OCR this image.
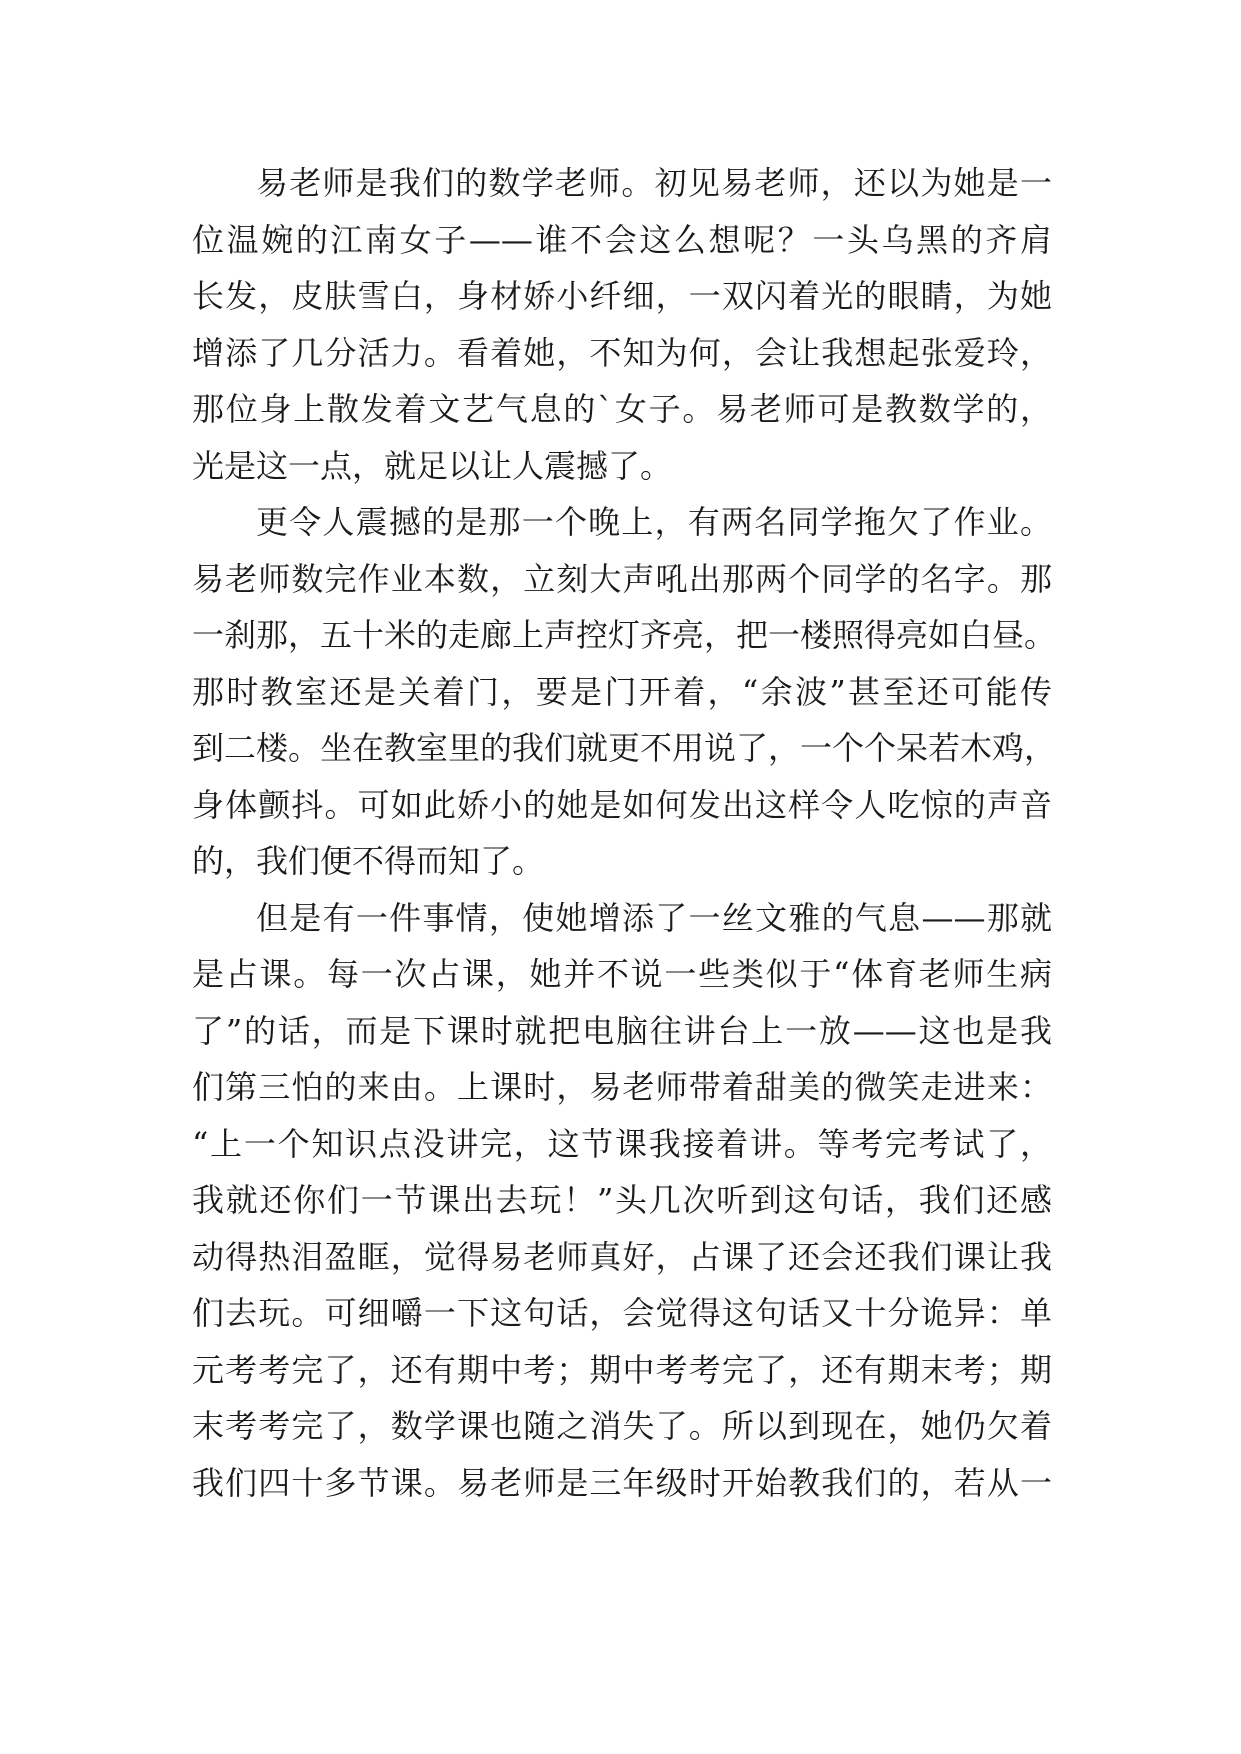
易老师是我们的数学老师。初见易老师，还以为她是一
位温婉的江南女子——谁不会这么想呢？一头乌黑的齐肩
长发，皮肤雪白，身材娇小纤细，一双闪着光的眼睛，为她
增添了几分活力。看着她，不知为何，会让我想起张爱玲，
那位身上散发着文艺气息的`女子。易老师可是教数学的，
光是这一点，就足以让人震撼了。
更令人震撼的是那一个晚上，有两名同学拖欠了作业。
易老师数完作业本数，立刻大声吼出那两个同学的名字。那
一刹那，五十米的走廊上声控灯齐亮，把一楼照得亮如白昼。
那时教室还是关着门，要是门开着，“余波”甚至还可能传
到二楼。坐在教室里的我们就更不用说了，一个个呆若木鸡，
身体颤抖。可如此娇小的她是如何发出这样令人吃惊的声音
的，我们便不得而知了。
但是有一件事情，使她增添了一丝文雅的气息——那就
是占课。每一次占课，她并不说一些类似于“体育老师生病
了”的话，而是下课时就把电脑往讲台上一放——这也是我
们第三怕的来由。上课时，易老师带着甜美的微笑走进来：
“上一个知识点没讲完，这节课我接着讲。等考完考试了，
我就还你们一节课出去玩！”头几次听到这句话，我们还感
动得热泪盈眶，觉得易老师真好，占课了还会还我们课让我
们去玩。可细嚼一下这句话，会觉得这句话又十分诡异：单
元考考完了，还有期中考；期中考考完了，还有期末考；期
末考考完了，数学课也随之消失了。所以到现在，她仍欠着
我们四十多节课。易老师是三年级时开始教我们的，若从一
